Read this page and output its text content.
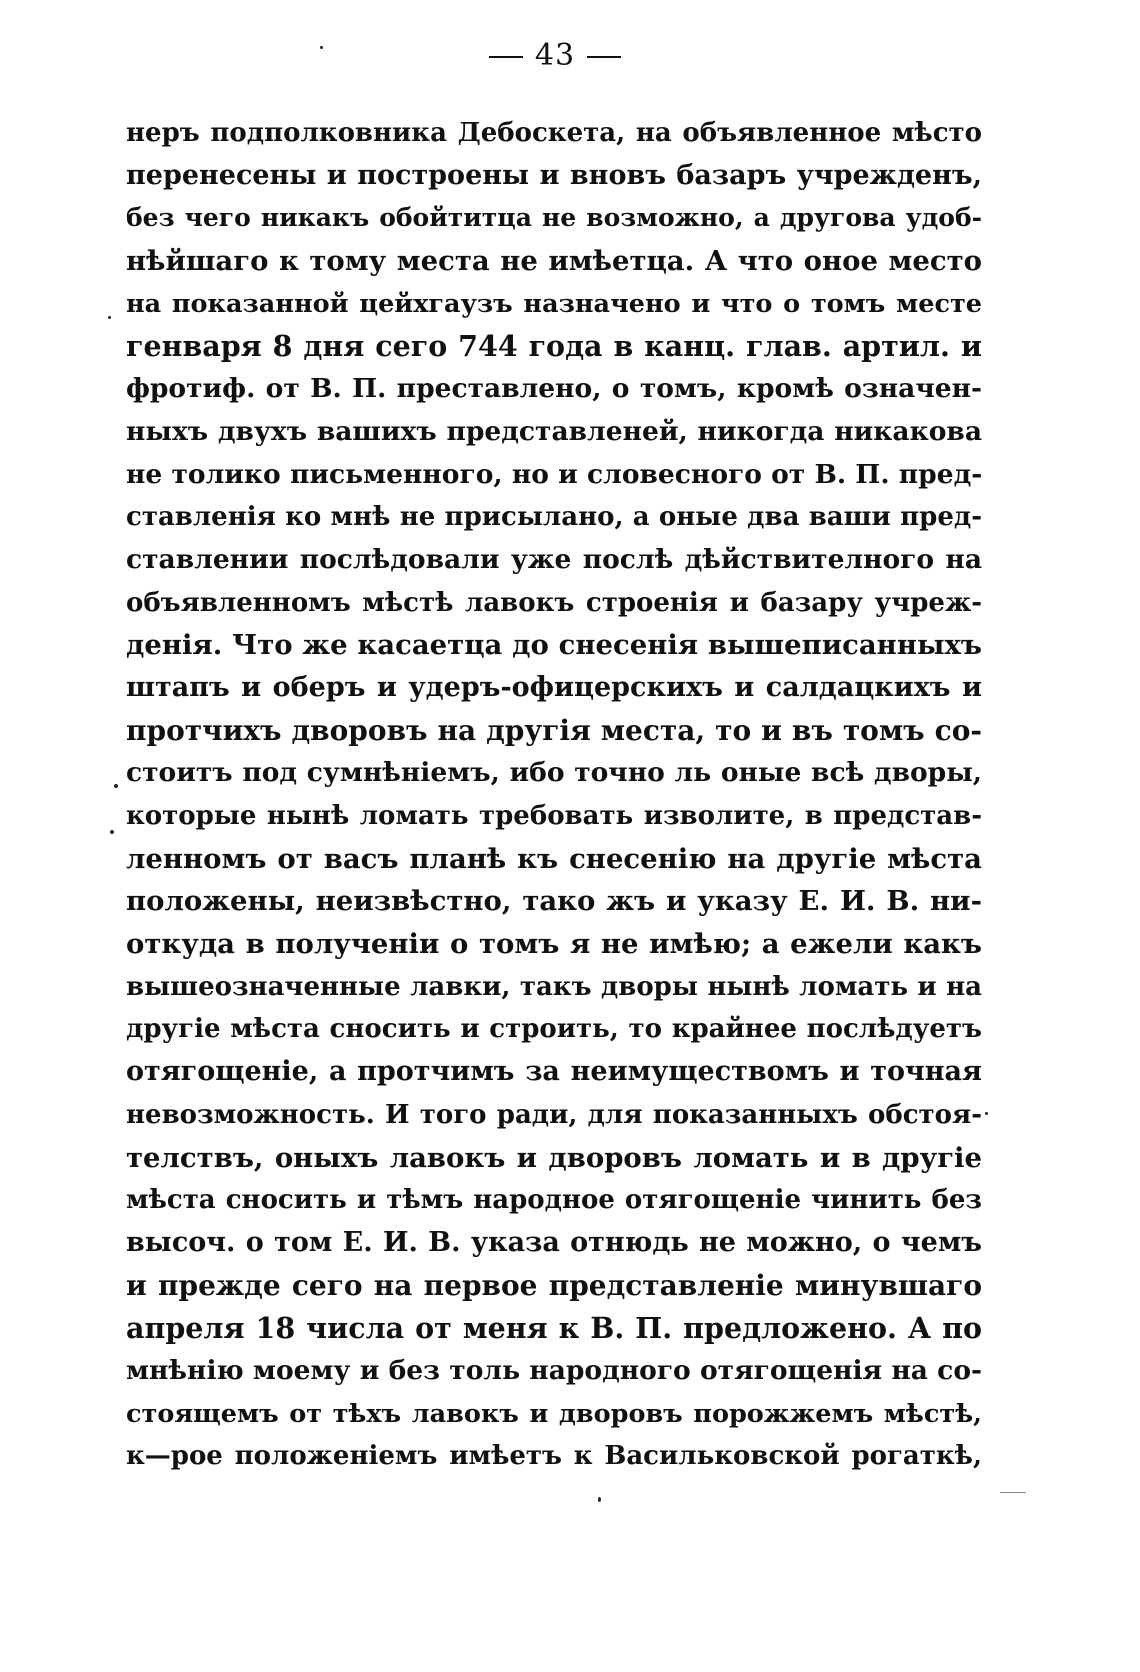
43
неръ подполковника Дебоскета, на объявленное мѣсто
перенесены и построены и вновъ базаръ учрежденъ,
без чего никакъ обойтитца не возможно, а другова удоб-
нѣйшаго к тому места не имѣетца. А что оное место
на показанной цейхгаузъ назначено и что о томъ месте
генваря 8 дня сего 744 года в канц. глав. артил. и
фротиф. от В. П. преставлено, о томъ, кромѣ означен-
ныхъ двухъ вашихъ представленей, никогда никакова
не толико письменного, но и словесного от В. П. пред-
ставленія ко мнѣ не присылано, а оные два ваши пред-
ставлении послѣдовали уже послѣ дѣйствителного на
объявленномъ мѣстѣ лавокъ строенія и базару учреж-
денія. Что же касаетца до снесенія вышеписанныхъ
штапъ и оберъ и удеръ-офицерскихъ и салдацкихъ и
протчихъ дворовъ на другія места, то и въ томъ со-
стоитъ под сумнѣніемъ, ибо точно ль оные всѣ дворы,
которые нынѣ ломать требовать изволите, в представ-
ленномъ от васъ планѣ къ снесенію на другіе мѣста
положены, неизвѣстно, тако жъ и указу Е. И. В. ни-
откуда в полученіи о томъ я не имѣю; а ежели какъ
вышеозначенные лавки, такъ дворы нынѣ ломать и на
другіе мѣста сносить и строить, то крайнее послѣдуетъ
отягощеніе, а протчимъ за неимуществомъ и точная
невозможность. И того ради, для показанныхъ обстоя-
телствъ, оныхъ лавокъ и дворовъ ломать и в другіе
мѣста сносить и тѣмъ народное отягощеніе чинить без
высоч. о том Е. И. В. указа отнюдь не можно, о чемъ
и прежде сего на первое представленіе минувшаго
апреля 18 числа от меня к В. П. предложено. А по
мнѣнію моему и без толь народного отягощенія на со-
стоящемъ от тѣхъ лавокъ и дворовъ порожжемъ мѣстѣ,
к—рое положеніемъ имѣетъ к Васильковской рогаткѣ,
